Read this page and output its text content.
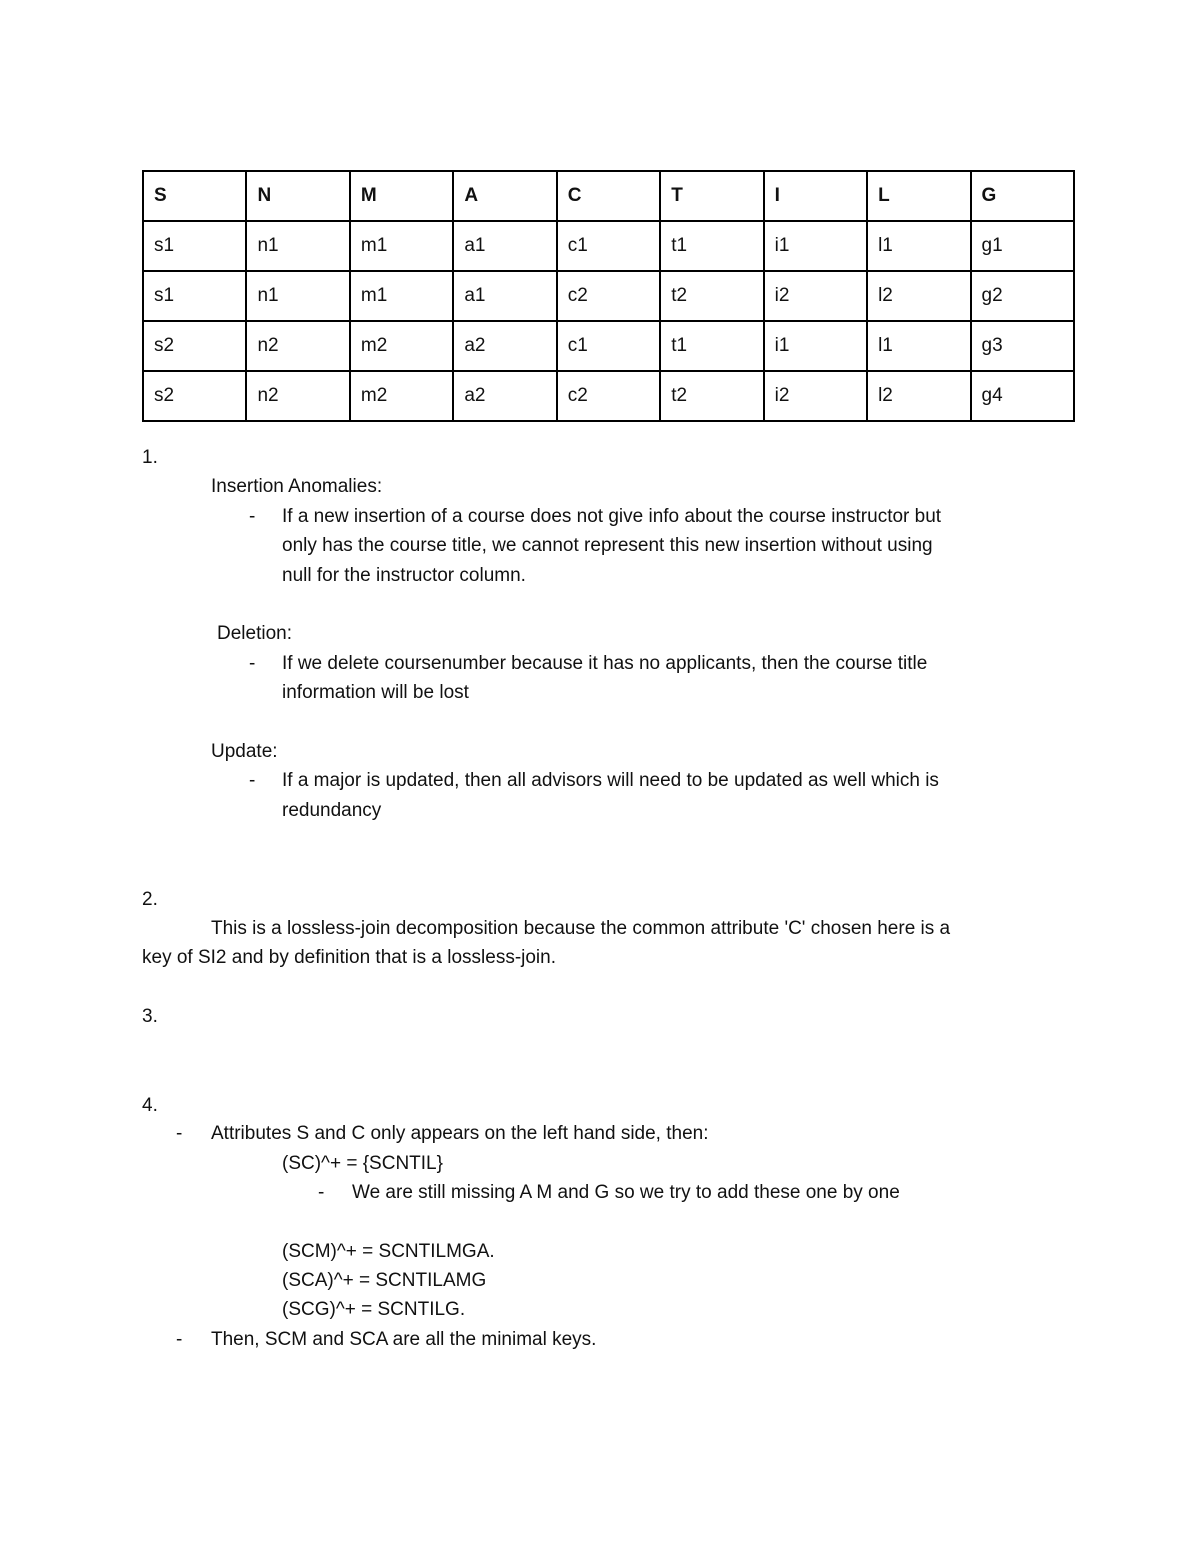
S	N	M	A	C	T	I	L	G
s1	n1	m1	a1	c1	t1	i1	l1	g1
s1	n1	m1	a1	c2	t2	i2	l2	g2
s2	n2	m2	a2	c1	t1	i1	l1	g3
s2	n2	m2	a2	c2	t2	i2	l2	g4
1.
Insertion Anomalies:
- If a new insertion of a course does not give info about the course instructor but
only has the course title, we cannot represent this new insertion without using
null for the instructor column.
Deletion:
- If we delete coursenumber because it has no applicants, then the course title
information will be lost
Update:
- If a major is updated, then all advisors will need to be updated as well which is
redundancy
2.
This is a lossless-join decomposition because the common attribute 'C' chosen here is a
key of SI2 and by definition that is a lossless-join.
3.
4.
- Attributes S and C only appears on the left hand side, then:
(SC)^+ = {SCNTIL}
- We are still missing A M and G so we try to add these one by one
(SCM)^+ = SCNTILMGA.
(SCA)^+ = SCNTILAMG
(SCG)^+ = SCNTILG.
- Then, SCM and SCA are all the minimal keys.
